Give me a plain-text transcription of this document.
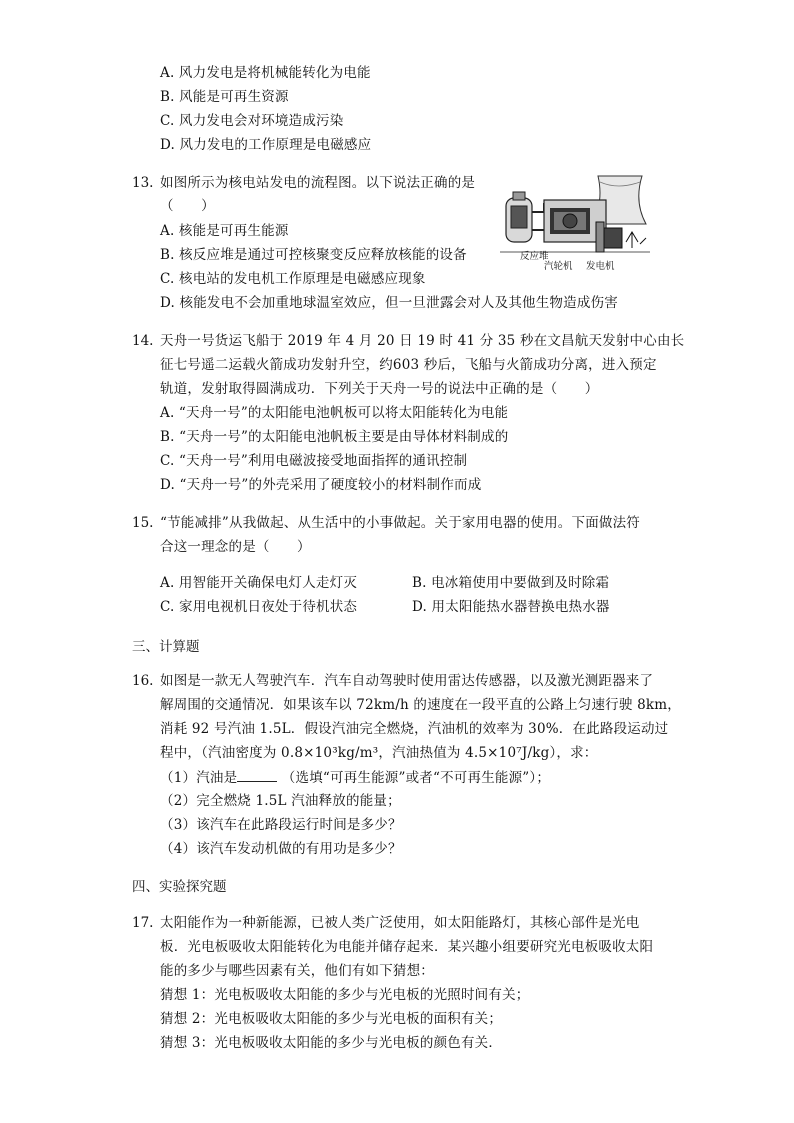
A. 风力发电是将机械能转化为电能
B. 风能是可再生资源
C. 风力发电会对环境造成污染
D. 风力发电的工作原理是电磁感应
13. 如图所示为核电站发电的流程图。以下说法正确的是
（　　）
A. 核能是可再生能源
B. 核反应堆是通过可控核聚变反应释放核能的设备
C. 核电站的发电机工作原理是电磁感应现象
D. 核能发电不会加重地球温室效应，但一旦泄露会对人及其他生物造成伤害
反应堆
汽轮机 发电机
14. 天舟一号货运飞船于 2019 年 4 月 20 日 19 时 41 分 35 秒在文昌航天发射中心由长
征七号遥二运载火箭成功发射升空，约603 秒后，飞船与火箭成功分离，进入预定
轨道，发射取得圆满成功．下列关于天舟一号的说法中正确的是（　　）
A. “天舟一号”的太阳能电池帆板可以将太阳能转化为电能
B. “天舟一号”的太阳能电池帆板主要是由导体材料制成的
C. “天舟一号”利用电磁波接受地面指挥的通讯控制
D. “天舟一号”的外壳采用了硬度较小的材料制作而成
15. “节能减排”从我做起、从生活中的小事做起。关于家用电器的使用。下面做法符
合这一理念的是（　　）
A. 用智能开关确保电灯人走灯灭	B. 电冰箱使用中要做到及时除霜
C. 家用电视机日夜处于待机状态	D. 用太阳能热水器替换电热水器
三、计算题
16. 如图是一款无人驾驶汽车．汽车自动驾驶时使用雷达传感器，以及激光测距器来了
解周围的交通情况．如果该车以 72km/h 的速度在一段平直的公路上匀速行驶 8km，
消耗 92 号汽油 1.5L．假设汽油完全燃烧，汽油机的效率为 30%．在此路段运动过
程中，（汽油密度为 0.8×10³kg/m³，汽油热值为 4.5×10⁷J/kg），求：
（1）汽油是	（选填“可再生能源”或者“不可再生能源”）；
（2）完全燃烧 1.5L 汽油释放的能量；
（3）该汽车在此路段运行时间是多少？
（4）该汽车发动机做的有用功是多少？
四、实验探究题
17. 太阳能作为一种新能源，已被人类广泛使用，如太阳能路灯，其核心部件是光电
板．光电板吸收太阳能转化为电能并储存起来．某兴趣小组要研究光电板吸收太阳
能的多少与哪些因素有关，他们有如下猜想：
猜想 1：光电板吸收太阳能的多少与光电板的光照时间有关；
猜想 2：光电板吸收太阳能的多少与光电板的面积有关；
猜想 3：光电板吸收太阳能的多少与光电板的颜色有关．
